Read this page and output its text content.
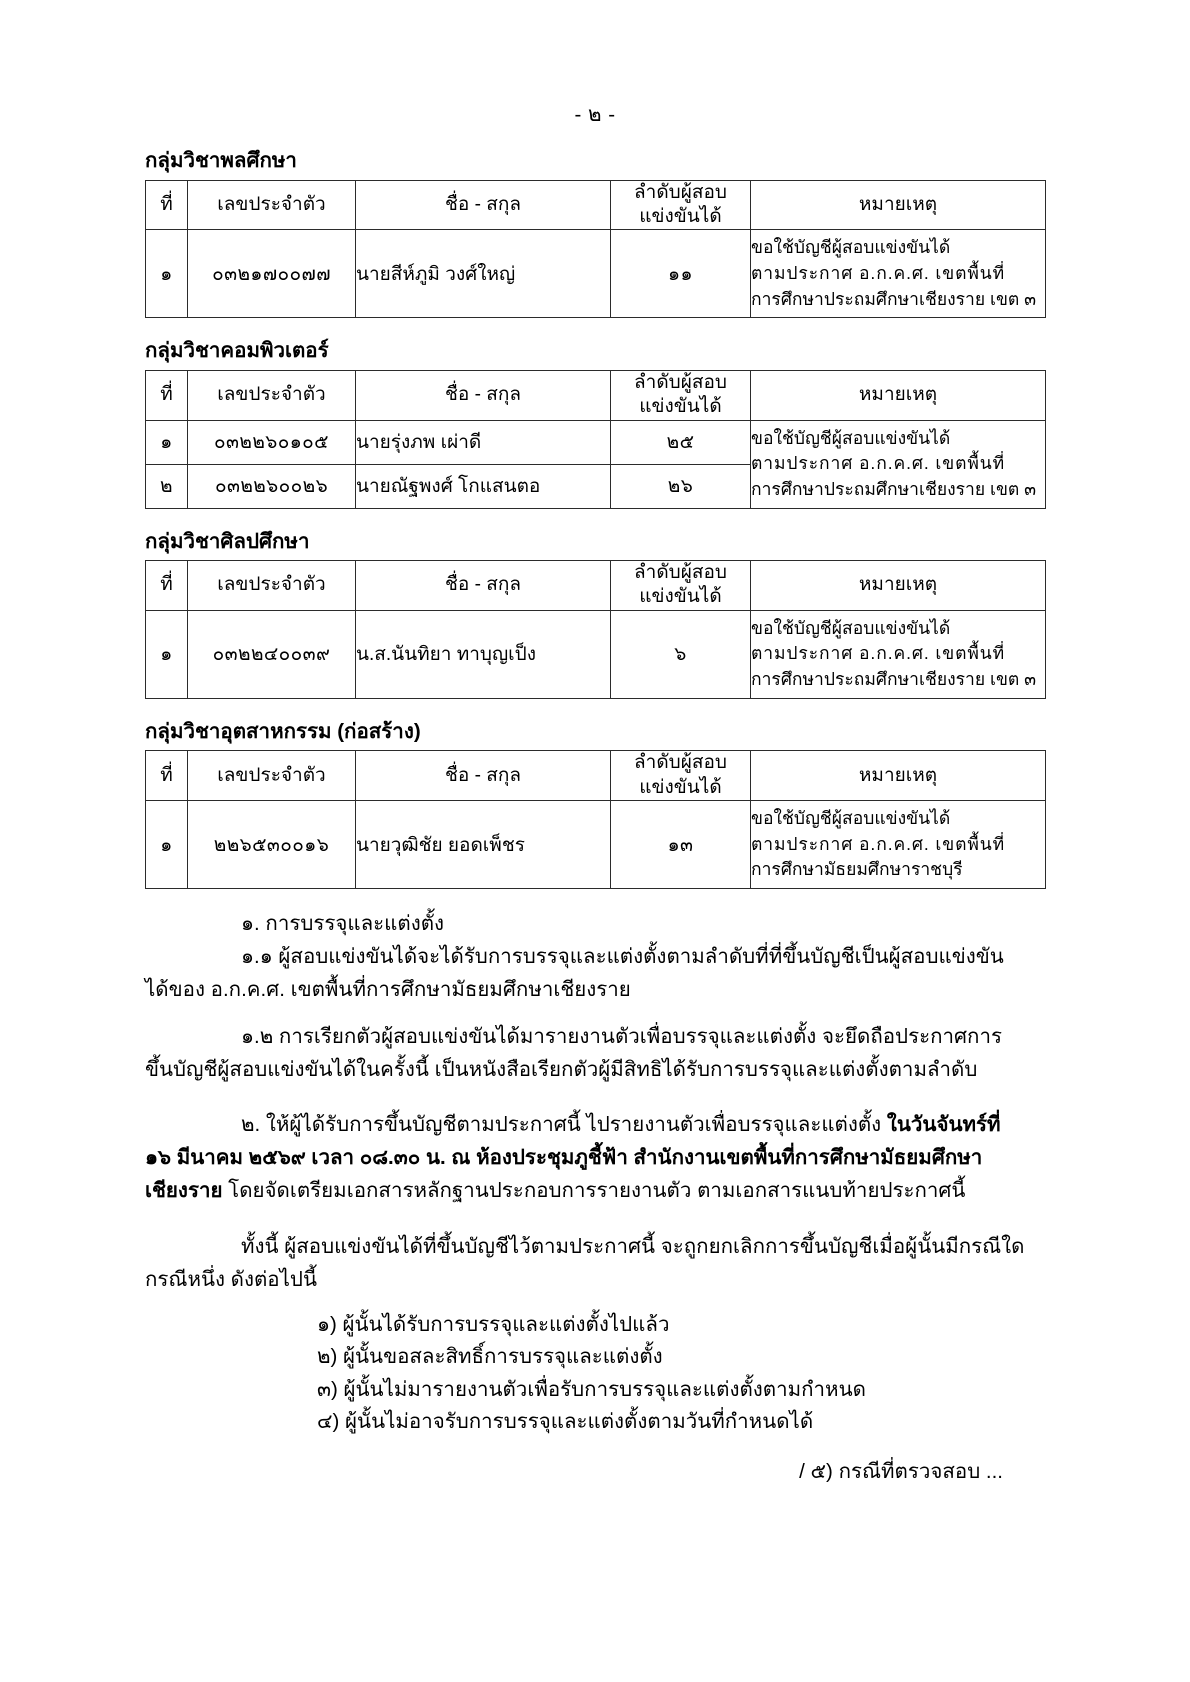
- ๒ -
กลุ่มวิชาพลศึกษา
ที่	เลขประจำตัว	ชื่อ - สกุล	ลำดับผู้สอบ
แข่งขันได้	หมายเหตุ
๑	๐๓๒๑๗๐๐๗๗	นายสีห์ภูมิ วงศ์ใหญ่	๑๑	ขอใช้บัญชีผู้สอบแข่งขันได้
ตามประกาศ อ.ก.ค.ศ. เขตพื้นที่
การศึกษาประถมศึกษาเชียงราย เขต ๓
กลุ่มวิชาคอมพิวเตอร์
ที่	เลขประจำตัว	ชื่อ - สกุล	ลำดับผู้สอบ
แข่งขันได้	หมายเหตุ
๑	๐๓๒๒๖๐๑๐๕	นายรุ่งภพ เผ่าดี	๒๕	ขอใช้บัญชีผู้สอบแข่งขันได้
ตามประกาศ อ.ก.ค.ศ. เขตพื้นที่
การศึกษาประถมศึกษาเชียงราย เขต ๓

๒	๐๓๒๒๖๐๐๒๖	นายณัฐพงศ์ โกแสนตอ	๒๖	
กลุ่มวิชาศิลปศึกษา
ที่	เลขประจำตัว	ชื่อ - สกุล	ลำดับผู้สอบ
แข่งขันได้	หมายเหตุ
๑	๐๓๒๒๔๐๐๓๙	น.ส.นันทิยา ทาบุญเป็ง	๖	ขอใช้บัญชีผู้สอบแข่งขันได้
ตามประกาศ อ.ก.ค.ศ. เขตพื้นที่
การศึกษาประถมศึกษาเชียงราย เขต ๓
กลุ่มวิชาอุตสาหกรรม (ก่อสร้าง)
ที่	เลขประจำตัว	ชื่อ - สกุล	ลำดับผู้สอบ
แข่งขันได้	หมายเหตุ
๑	๒๒๖๕๓๐๐๑๖	นายวุฒิชัย ยอดเพ็ชร	๑๓	ขอใช้บัญชีผู้สอบแข่งขันได้
ตามประกาศ อ.ก.ค.ศ. เขตพื้นที่
การศึกษามัธยมศึกษาราชบุรี

๑. การบรรจุและแต่งตั้ง

๑.๑ ผู้สอบแข่งขันได้จะได้รับการบรรจุและแต่งตั้งตามลำดับที่ที่ขึ้นบัญชีเป็นผู้สอบแข่งขัน

ได้ของ อ.ก.ค.ศ. เขตพื้นที่การศึกษามัธยมศึกษาเชียงราย

๑.๒ การเรียกตัวผู้สอบแข่งขันได้มารายงานตัวเพื่อบรรจุและแต่งตั้ง จะยึดถือประกาศการ

ขึ้นบัญชีผู้สอบแข่งขันได้ในครั้งนี้ เป็นหนังสือเรียกตัวผู้มีสิทธิได้รับการบรรจุและแต่งตั้งตามลำดับ

๒. ให้ผู้ได้รับการขึ้นบัญชีตามประกาศนี้ ไปรายงานตัวเพื่อบรรจุและแต่งตั้ง ในวันจันทร์ที่

๑๖ มีนาคม ๒๕๖๙ เวลา ๐๘.๓๐ น. ณ ห้องประชุมภูชี้ฟ้า สำนักงานเขตพื้นที่การศึกษามัธยมศึกษา

เชียงราย โดยจัดเตรียมเอกสารหลักฐานประกอบการรายงานตัว ตามเอกสารแนบท้ายประกาศนี้

ทั้งนี้ ผู้สอบแข่งขันได้ที่ขึ้นบัญชีไว้ตามประกาศนี้ จะถูกยกเลิกการขึ้นบัญชีเมื่อผู้นั้นมีกรณีใด

กรณีหนึ่ง ดังต่อไปนี้

๑) ผู้นั้นได้รับการบรรจุและแต่งตั้งไปแล้ว
๒) ผู้นั้นขอสละสิทธิ์การบรรจุและแต่งตั้ง
๓) ผู้นั้นไม่มารายงานตัวเพื่อรับการบรรจุและแต่งตั้งตามกำหนด
๔) ผู้นั้นไม่อาจรับการบรรจุและแต่งตั้งตามวันที่กำหนดได้
/ ๕) กรณีที่ตรวจสอบ ...
